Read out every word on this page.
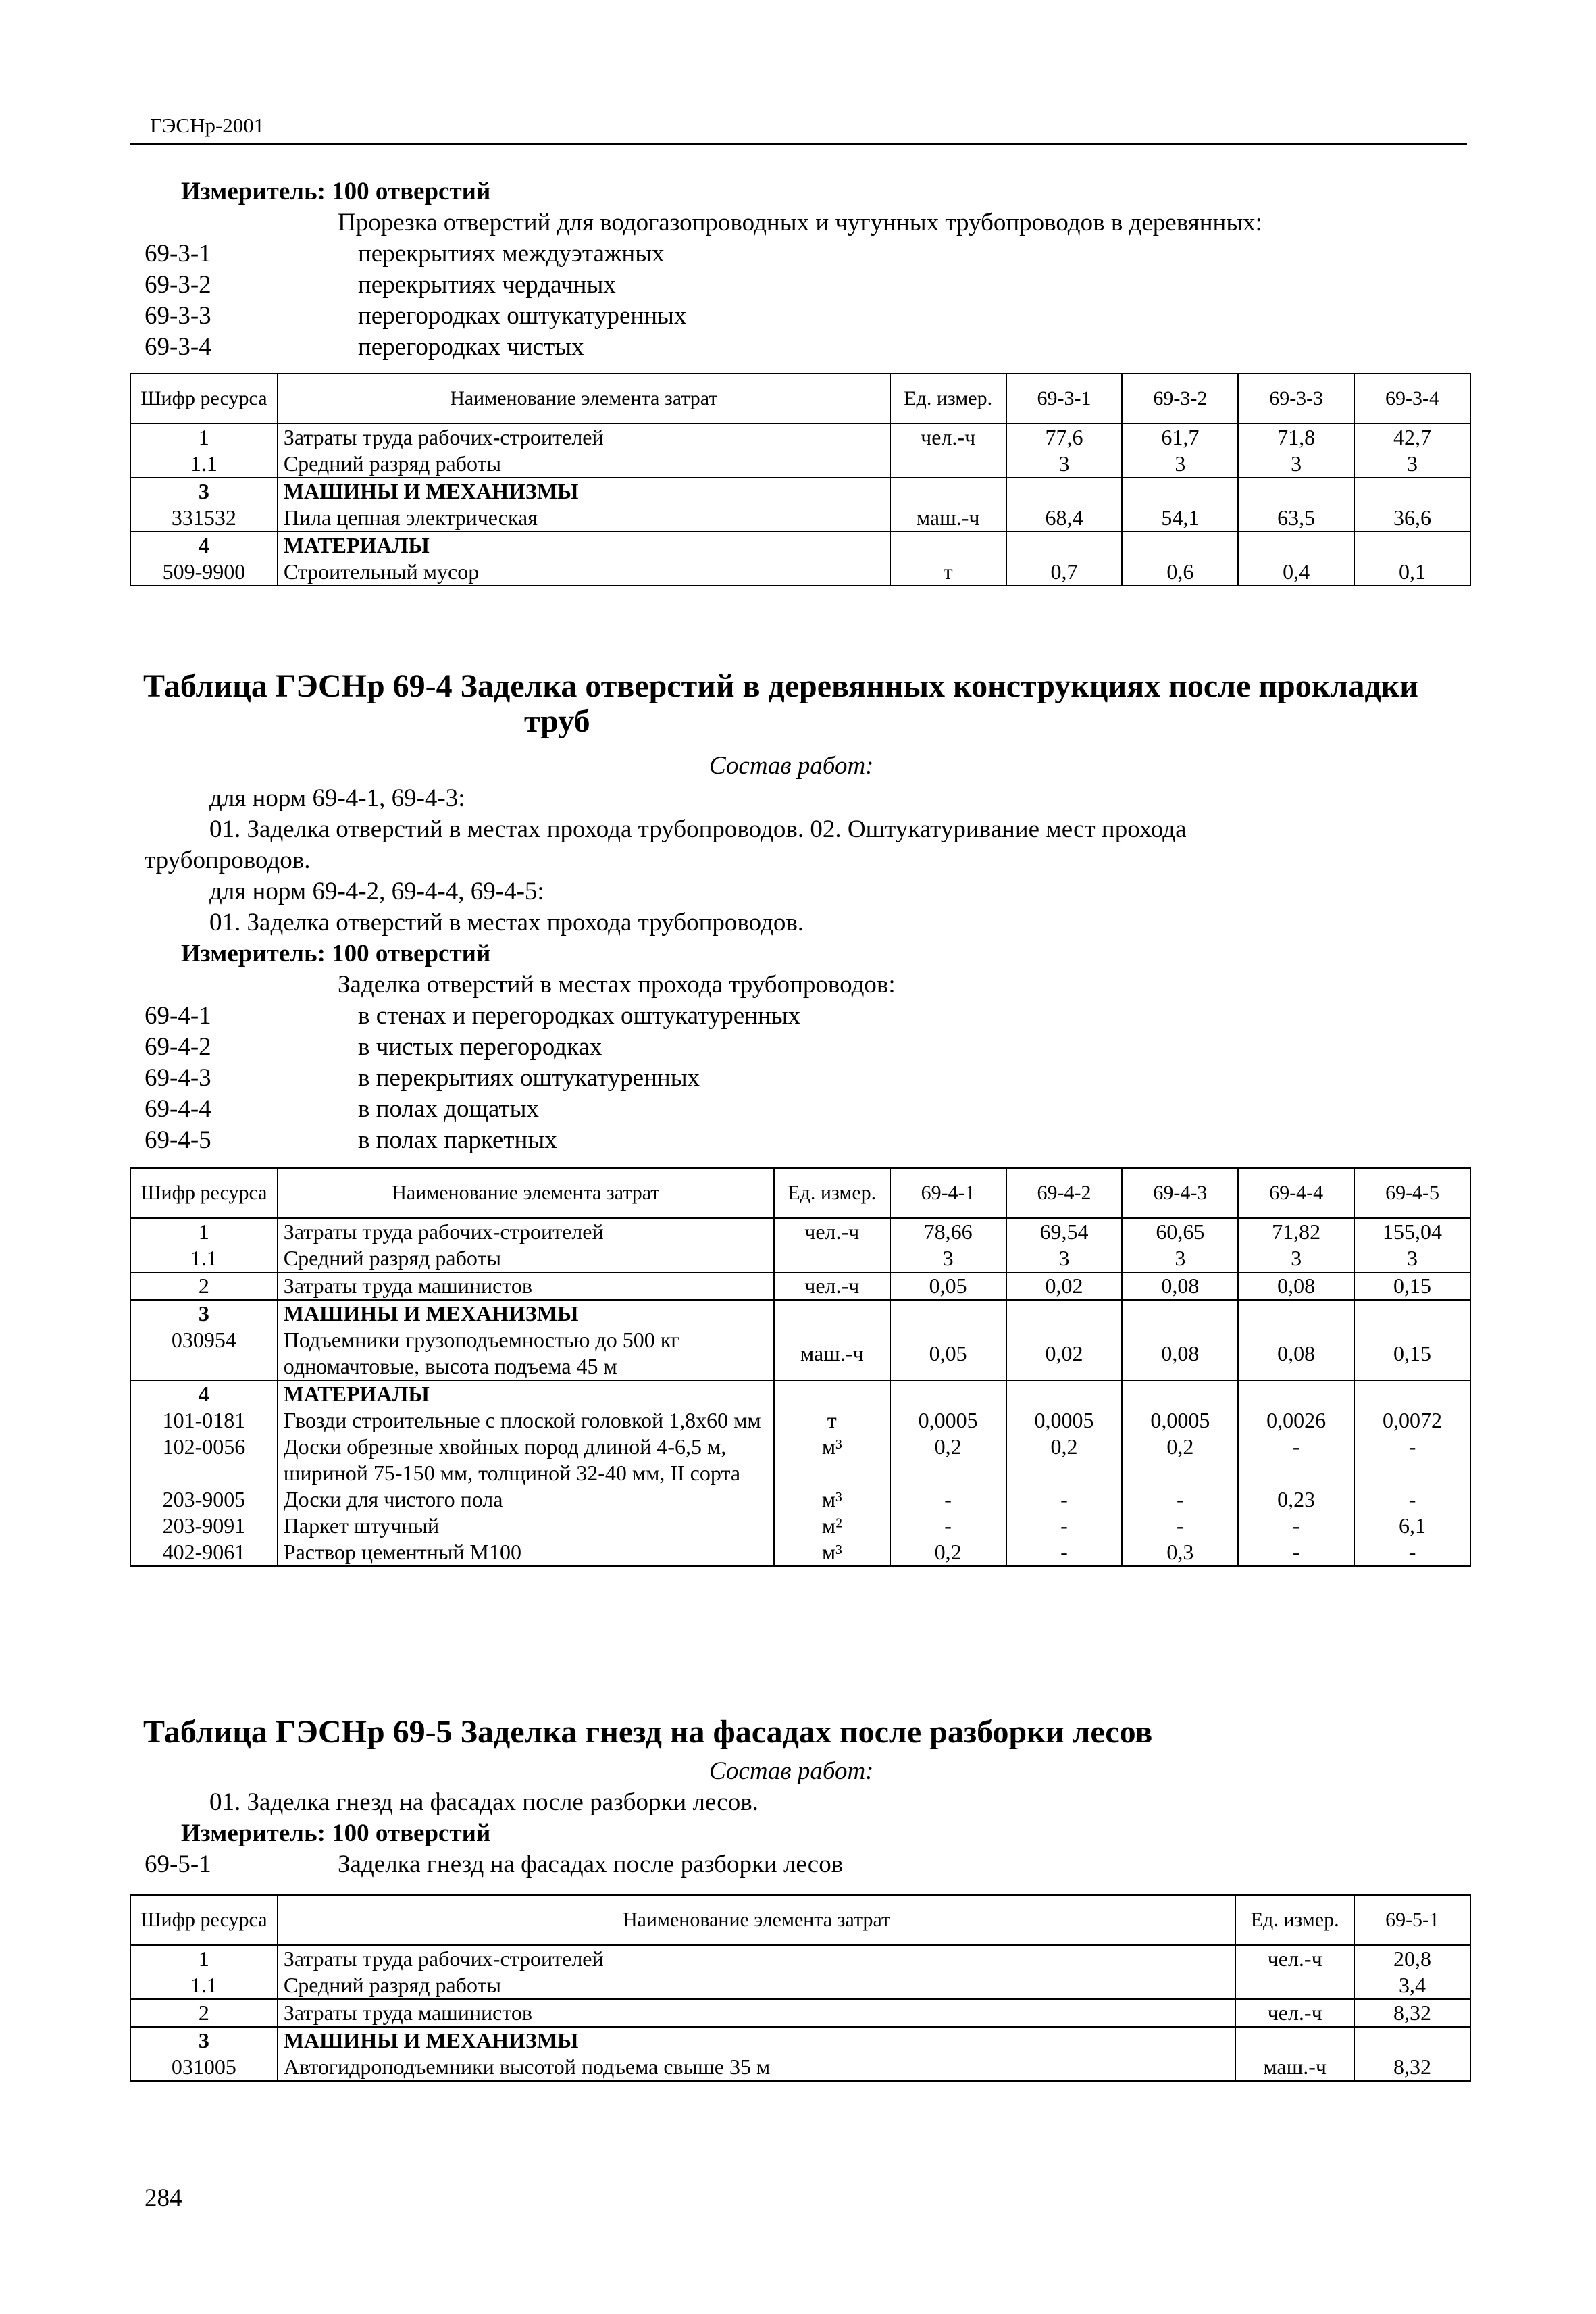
ГЭСНр-2001
Измеритель: 100 отверстий
Прорезка отверстий для водогазопроводных и чугунных трубопроводов в деревянных:
69-3-1	перекрытиях междуэтажных
69-3-2	перекрытиях чердачных
69-3-3	перегородках оштукатуренных
69-3-4	перегородках чистых
Шифр ресурса	Наименование элемента затрат	Ед. измер.	69-3-1	69-3-2	69-3-3	69-3-4
1	Затраты труда рабочих-строителей	чел.-ч	77,6	61,7	71,8	42,7
1.1	Средний разряд работы		3	3	3	3
3	МАШИНЫ И МЕХАНИЗМЫ					
331532	Пила цепная электрическая	маш.-ч	68,4	54,1	63,5	36,6
4	МАТЕРИАЛЫ					
509-9900	Строительный мусор	т	0,7	0,6	0,4	0,1
Таблица ГЭСНр 69-4 Заделка отверстий в деревянных конструкциях после прокладки
труб
Состав работ:
для норм 69-4-1, 69-4-3:
01. Заделка отверстий в местах прохода трубопроводов. 02. Оштукатуривание мест прохода
трубопроводов.
для норм 69-4-2, 69-4-4, 69-4-5:
01. Заделка отверстий в местах прохода трубопроводов.
Измеритель: 100 отверстий
Заделка отверстий в местах прохода трубопроводов:
69-4-1	в стенах и перегородках оштукатуренных
69-4-2	в чистых перегородках
69-4-3	в перекрытиях оштукатуренных
69-4-4	в полах дощатых
69-4-5	в полах паркетных
Шифр ресурса	Наименование элемента затрат	Ед. измер.	69-4-1	69-4-2	69-4-3	69-4-4	69-4-5
1	Затраты труда рабочих-строителей	чел.-ч	78,66	69,54	60,65	71,82	155,04
1.1	Средний разряд работы		3	3	3	3	3
2	Затраты труда машинистов	чел.-ч	0,05	0,02	0,08	0,08	0,15
3	МАШИНЫ И МЕХАНИЗМЫ						
030954	Подъемники грузоподъемностью до 500 кг одномачтовые, высота подъема 45 м	маш.-ч	0,05	0,02	0,08	0,08	0,15
4	МАТЕРИАЛЫ						
101-0181	Гвозди строительные с плоской головкой 1,8х60 мм	т	0,0005	0,0005	0,0005	0,0026	0,0072
102-0056	Доски обрезные хвойных пород длиной 4-6,5 м, шириной 75-150 мм, толщиной 32-40 мм, II сорта	м³	0,2	0,2	0,2	-	-
203-9005	Доски для чистого пола	м³	-	-	-	0,23	-
203-9091	Паркет штучный	м²	-	-	-	-	6,1
402-9061	Раствор цементный М100	м³	0,2	-	0,3	-	-
Таблица ГЭСНр 69-5 Заделка гнезд на фасадах после разборки лесов
Состав работ:
01. Заделка гнезд на фасадах после разборки лесов.
Измеритель: 100 отверстий
69-5-1	Заделка гнезд на фасадах после разборки лесов
Шифр ресурса	Наименование элемента затрат	Ед. измер.	69-5-1
1	Затраты труда рабочих-строителей	чел.-ч	20,8
1.1	Средний разряд работы		3,4
2	Затраты труда машинистов	чел.-ч	8,32
3	МАШИНЫ И МЕХАНИЗМЫ		
031005	Автогидроподъемники высотой подъема свыше 35 м	маш.-ч	8,32
284
